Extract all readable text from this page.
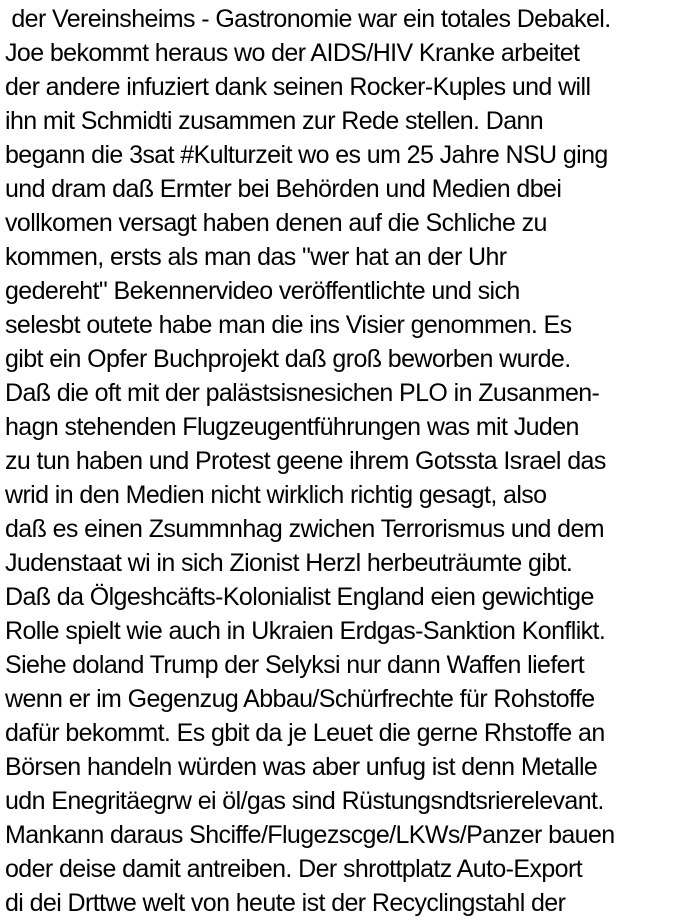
der Vereinsheims - Gastronomie war ein totales Debakel.
Joe bekommt heraus wo der AIDS/HIV Kranke arbeitet
der andere infuziert dank seinen Rocker-Kuples und will
ihn mit Schmidti zusammen zur Rede stellen. Dann
begann die 3sat #Kulturzeit wo es um 25 Jahre NSU ging
und dram daß Ermter bei Behörden und Medien dbei
vollkomen versagt haben denen auf die Schliche zu
kommen, ersts als man das "wer hat an der Uhr
gedereht" Bekennervideo veröffentlichte und sich
selesbt outete habe man die ins Visier genommen. Es
gibt ein Opfer Buchprojekt daß groß beworben wurde.
Daß die oft mit der palästsisnesichen PLO in Zusanmen-
hagn stehenden Flugzeugentführungen was mit Juden
zu tun haben und Protest geene ihrem Gotssta Israel das
wrid in den Medien nicht wirklich richtig gesagt, also
daß es einen Zsummnhag zwichen Terrorismus und dem
Judenstaat wi in sich Zionist Herzl herbeuträumte gibt.
Daß da Ölgeshcäfts-Kolonialist England eien gewichtige
Rolle spielt wie auch in Ukraien Erdgas-Sanktion Konflikt.
Siehe doland Trump der Selyksi nur dann Waffen liefert
wenn er im Gegenzug Abbau/Schürfrechte für Rohstoffe
dafür bekommt. Es gbit da je Leuet die gerne Rhstoffe an
Börsen handeln würden was aber unfug ist denn Metalle
udn Enegritäegrw ei öl/gas sind Rüstungsndtsrierelevant.
Mankann daraus Shciffe/Flugezscge/LKWs/Panzer bauen
oder deise damit antreiben. Der shrottplatz Auto-Export
di dei Drttwe welt von heute ist der Recyclingstahl der
